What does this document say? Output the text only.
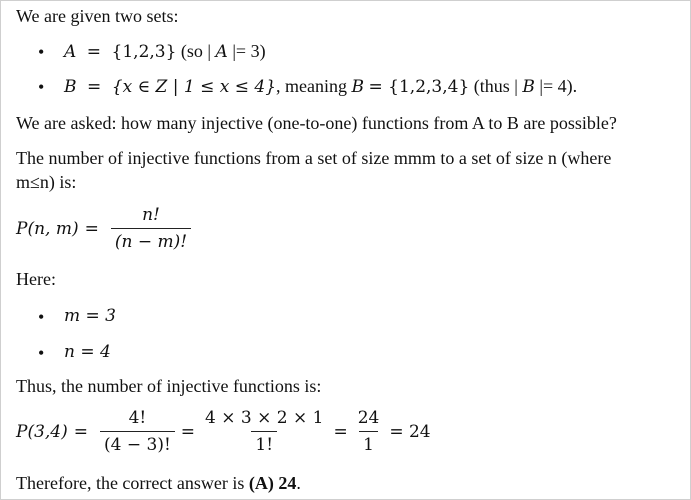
We are given two sets:
• A = {1,2,3} (so | A |= 3)
• B = {x ∈ Z | 1 ≤ x ≤ 4}, meaning B = {1,2,3,4} (thus | B |= 4).
We are asked: how many injective (one-to-one) functions from A to B are possible?
The number of injective functions from a set of size mmm to a set of size n (where
m≤n) is:
P(n, $m) = \frac{n!}{(n - m)!}$
Here:
• m = 3
• n = 4
Thus, the number of injective functions is:
$P(3,4) = \frac{4!}{(4 - 3)!} = \frac{4 \times 3 \times 2 \times 1}{1!} = \frac{24}{1} = 24$
Therefore, the correct answer is (A) 24.
